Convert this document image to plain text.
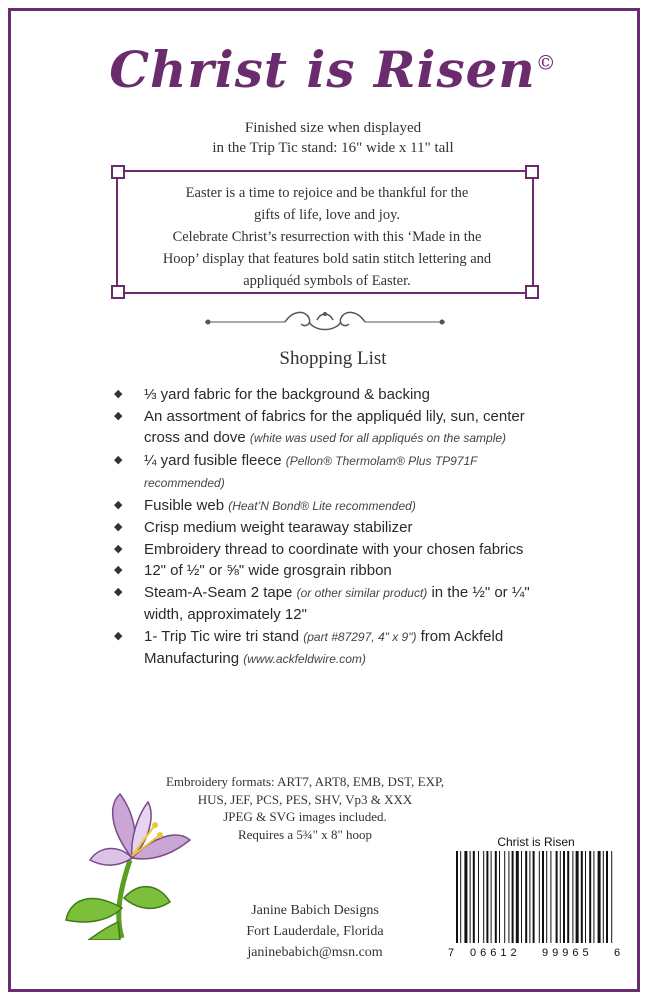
Christ is Risen©
Finished size when displayed
in the Trip Tic stand: 16" wide x 11" tall
Easter is a time to rejoice and be thankful for the
gifts of life, love and joy.
Celebrate Christ’s resurrection with this ‘Made in the
Hoop’ display that features bold satin stitch lettering and
appliquéd symbols of Easter.
Shopping List
◆ ⅓ yard fabric for the background & backing
◆ An assortment of fabrics for the appliquéd lily, sun, center cross and dove (white was used for all appliqués on the sample)
◆ ¼ yard fusible fleece (Pellon® Thermolam® Plus TP971F recommended)
◆ Fusible web (Heat’N Bond® Lite recommended)
◆ Crisp medium weight tearaway stabilizer
◆ Embroidery thread to coordinate with your chosen fabrics
◆ 12" of ½" or ⅝" wide grosgrain ribbon
◆ Steam-A-Seam 2 tape (or other similar product) in the ½" or ¼" width, approximately 12"
◆ 1- Trip Tic wire tri stand (part #87297, 4" x 9") from Ackfeld Manufacturing (www.ackfeldwire.com)
Embroidery formats: ART7, ART8, EMB, DST, EXP,
HUS, JEF, PCS, PES, SHV, Vp3 & XXX
JPEG & SVG images included.
Requires a 5¾" x 8" hoop
Janine Babich Designs
Fort Lauderdale, Florida
janinebabich@msn.com
Christ is Risen
7 06612 99965 6
